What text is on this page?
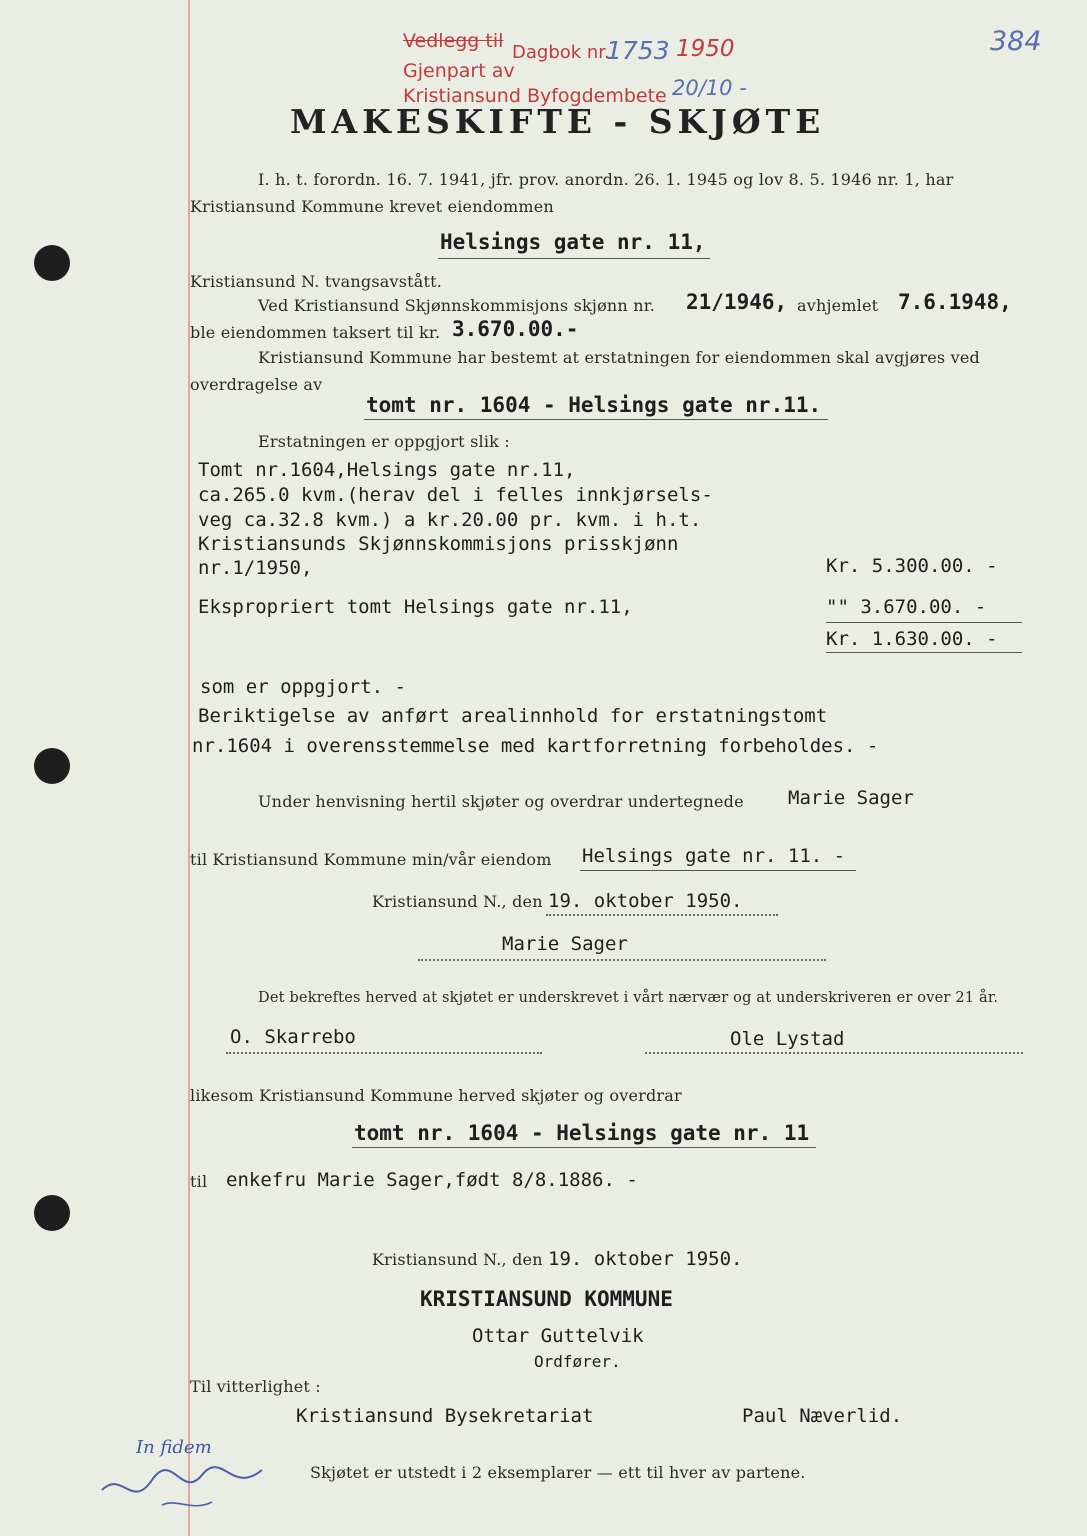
Vedlegg til
Dagbok nr.
1753 1950
Gjenpart av
Kristiansund Byfogdembete 20/10 -
384
MAKESKIFTE - SKJØTE
I. h. t. forordn. 16. 7. 1941, jfr. prov. anordn. 26. 1. 1945 og lov 8. 5. 1946 nr. 1, har
Kristiansund Kommune krevet eiendommen
Helsings gate nr. 11,
Kristiansund N. tvangsavstått.
Ved Kristiansund Skjønnskommisjons skjønn nr. 21/1946, avhjemlet 7.6.1948,
ble eiendommen taksert til kr. 3.670.00.-
Kristiansund Kommune har bestemt at erstatningen for eiendommen skal avgjøres ved
overdragelse av
tomt nr. 1604 - Helsings gate nr.11.
Erstatningen er oppgjort slik :
Tomt nr.1604,Helsings gate nr.11,
ca.265.0 kvm.(herav del i felles innkjørsels-
veg ca.32.8 kvm.) a kr.20.00 pr. kvm. i h.t.
Kristiansunds Skjønnskommisjons prisskjønn
nr.1/1950,	Kr. 5.300.00. -
Ekspropriert tomt Helsings gate nr.11,	"" 3.670.00. -
Kr. 1.630.00. -
som er oppgjort. -
Beriktigelse av anført arealinnhold for erstatningstomt
nr.1604 i overensstemmelse med kartforretning forbeholdes. -
Under henvisning hertil skjøter og overdrar undertegnede Marie Sager
til Kristiansund Kommune min/vår eiendom Helsings gate nr. 11. -
Kristiansund N., den 19. oktober 1950.
Marie Sager
Det bekreftes herved at skjøtet er underskrevet i vårt nærvær og at underskriveren er over 21 år.
O. Skarrebo	Ole Lystad
likesom Kristiansund Kommune herved skjøter og overdrar
tomt nr. 1604 - Helsings gate nr. 11
til enkefru Marie Sager,født 8/8.1886. -
Kristiansund N., den 19. oktober 1950.
KRISTIANSUND KOMMUNE
Ottar Guttelvik
Ordfører.
Til vitterlighet :
Kristiansund Bysekretariat	Paul Næverlid.
In fidem
Skjøtet er utstedt i 2 eksemplarer — ett til hver av partene.
